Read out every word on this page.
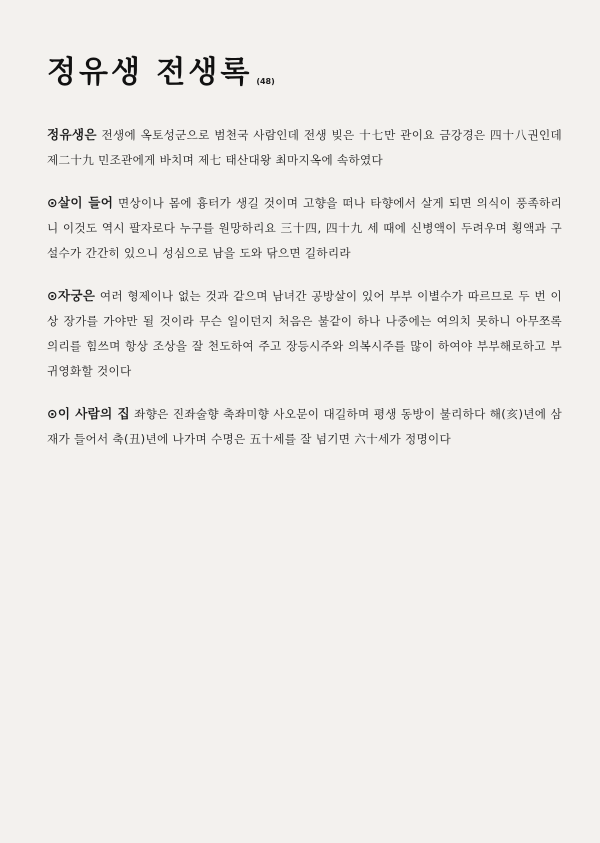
정유생 전생록 (48)

정유생은 전생에 옥토성군으로 범천국 사람인데 전생 빚은 十七만 관이요 금강경은 四十八권인데 제二十九 민조관에게 바치며 제七 태산대왕 최마지옥에 속하였다

⊙살이 들어 면상이나 몸에 흉터가 생길 것이며 고향을 떠나 타향에서 살게 되면 의식이 풍족하리니 이것도 역시 팔자로다 누구를 원망하리요 三十四, 四十九 세 때에 신병액이 두려우며 횡액과 구설수가 간간히 있으니 성심으로 남을 도와 닦으면 길하리라

⊙자궁은 여러 형제이나 없는 것과 같으며 남녀간 공방살이 있어 부부 이별수가 따르므로 두 번 이상 장가를 가야만 될 것이라 무슨 일이던지 처음은 불같이 하나 나중에는 여의치 못하니 아무쪼록 의리를 힘쓰며 항상 조상을 잘 천도하여 주고 장등시주와 의복시주를 많이 하여야 부부해로하고 부귀영화할 것이다

⊙이 사람의 집 좌향은 진좌술향 축좌미향 사오문이 대길하며 평생 동방이 불리하다 해(亥)년에 삼재가 들어서 축(丑)년에 나가며 수명은 五十세를 잘 넘기면 六十세가 정명이다
